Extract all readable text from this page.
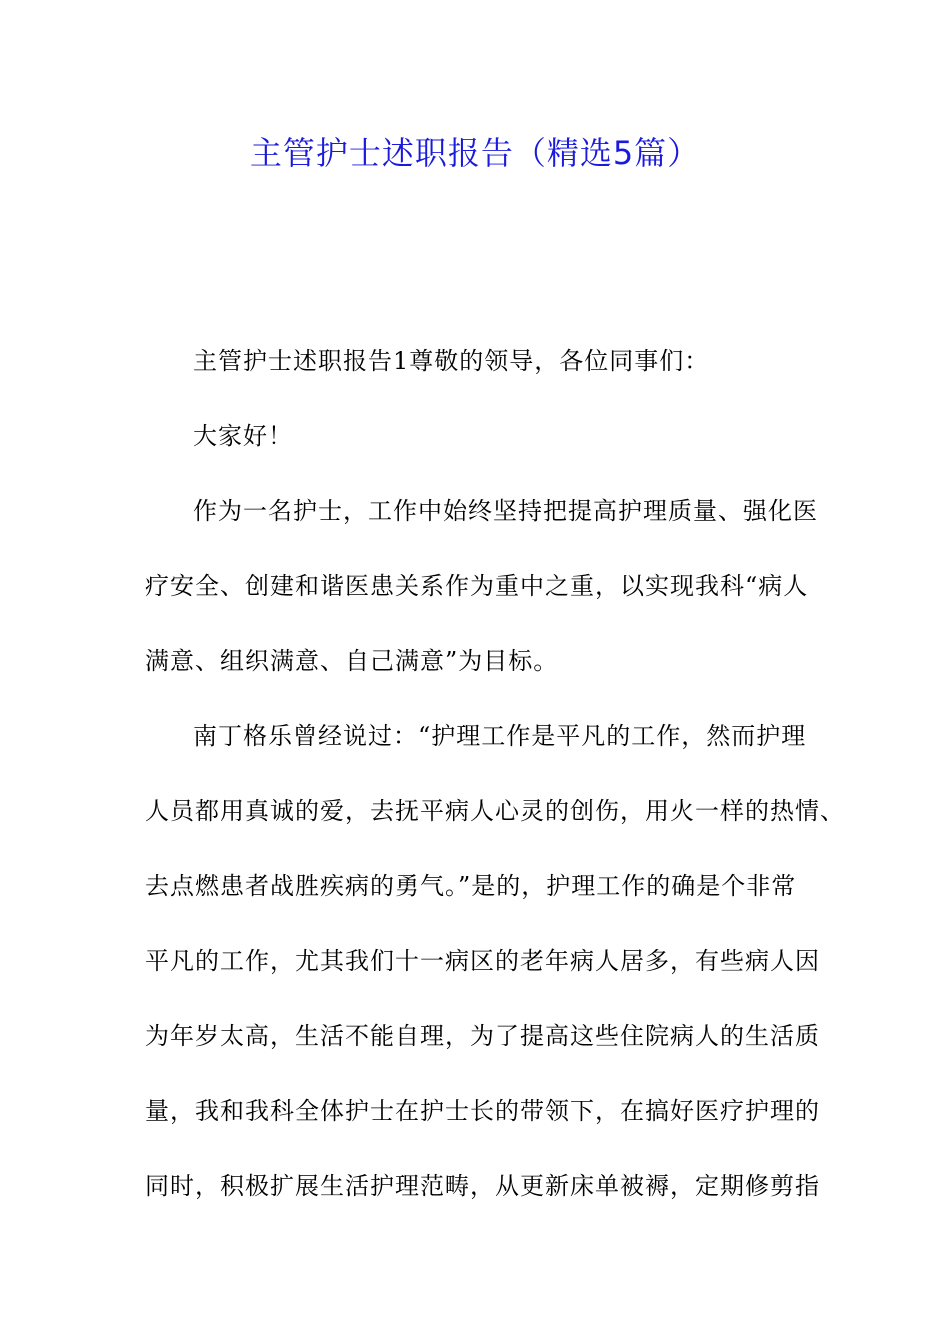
主管护士述职报告（精选5篇）
主管护士述职报告1尊敬的领导，各位同事们：
大家好！
作为一名护士，工作中始终坚持把提高护理质量、强化医
疗安全、创建和谐医患关系作为重中之重，以实现我科“病人
满意、组织满意、自己满意”为目标。
南丁格乐曾经说过：“护理工作是平凡的工作，然而护理
人员都用真诚的爱，去抚平病人心灵的创伤，用火一样的热情、
去点燃患者战胜疾病的勇气。”是的，护理工作的确是个非常
平凡的工作，尤其我们十一病区的老年病人居多，有些病人因
为年岁太高，生活不能自理，为了提高这些住院病人的生活质
量，我和我科全体护士在护士长的带领下，在搞好医疗护理的
同时，积极扩展生活护理范畴，从更新床单被褥，定期修剪指
